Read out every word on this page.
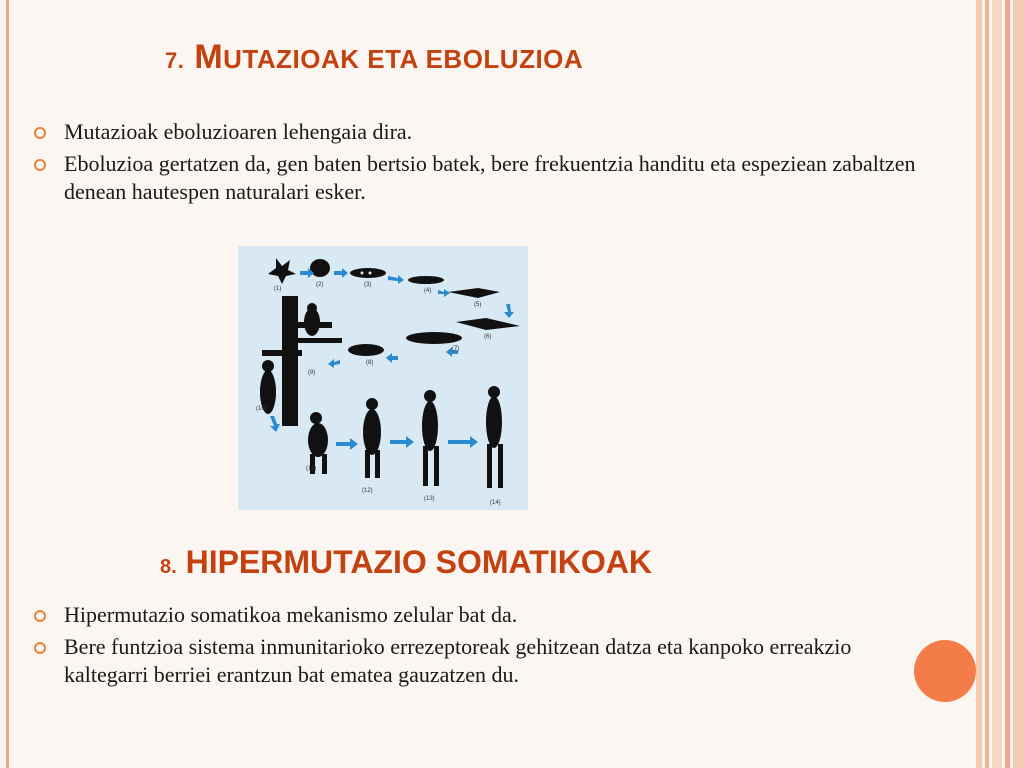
7. MUTAZIOAK ETA EBOLUZIOA
Mutazioak eboluzioaren lehengaia dira.
Eboluzioa gertatzen da, gen baten bertsio batek, bere frekuentzia handitu eta espeziean zabaltzen denean hautespen naturalari esker.
(1)
(2)	(3)
(4)
(5)
(6)
(7)
(8)
(9)
(10)
(11)
(12)
(13)
(14)
8. HIPERMUTAZIO SOMATIKOAK
Hipermutazio somatikoa mekanismo zelular bat da.
Bere funtzioa sistema inmunitarioko errezeptoreak gehitzean datza eta kanpoko erreakzio kaltegarri berriei erantzun bat ematea gauzatzen du.
